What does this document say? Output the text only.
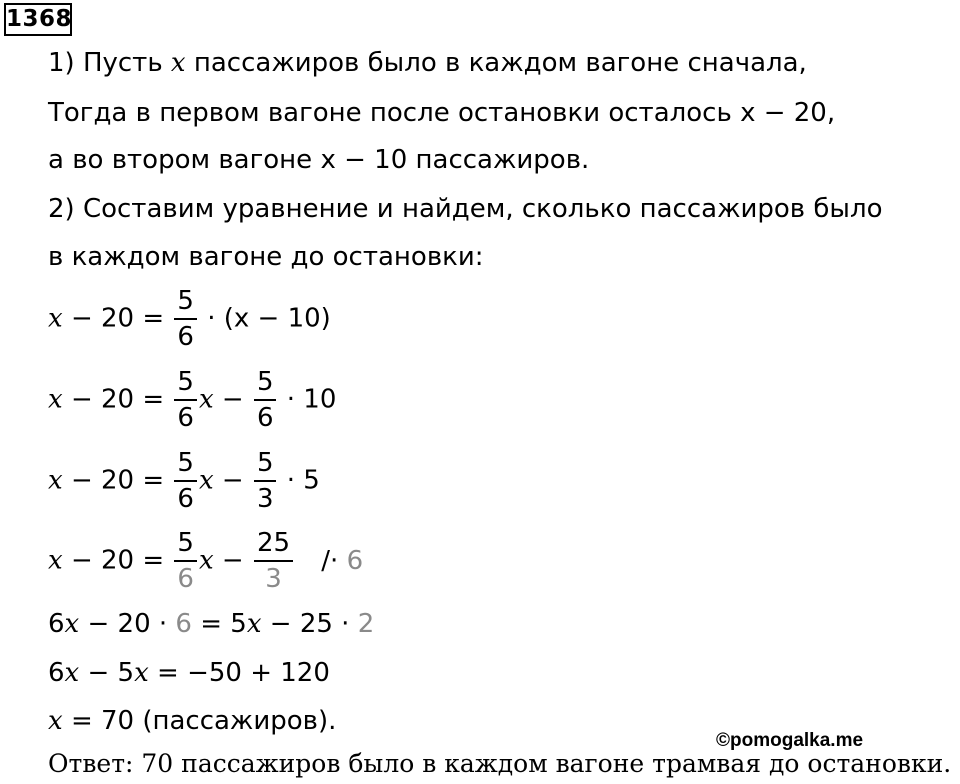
1368
1) Пусть x пассажиров было в каждом вагоне сначала,
Тогда в первом вагоне после остановки осталось x − 20,
а во втором вагоне x − 10 пассажиров.
2) Составим уравнение и найдем, сколько пассажиров было
в каждом вагоне до остановки:
$x - 20 = \frac{5}{6} \cdot (x - 10)$
$x - 20 = \frac{5}{6}$ $x - \frac{5}{6} \cdot 10$
$x - 20 = \frac{5}{6}$ $x - \frac{5}{3} \cdot 5$
$x - 20 = \frac{5}{6}$ $x - \frac{25}{3} /\cdot 6$
6x − 20 · 6 = 5x − 25 · 2
6x − 5x = −50 + 120
x = 70 (пассажиров).
©pomogalka.me
Ответ: 70 пассажиров было в каждом вагоне трамвая до остановки.
